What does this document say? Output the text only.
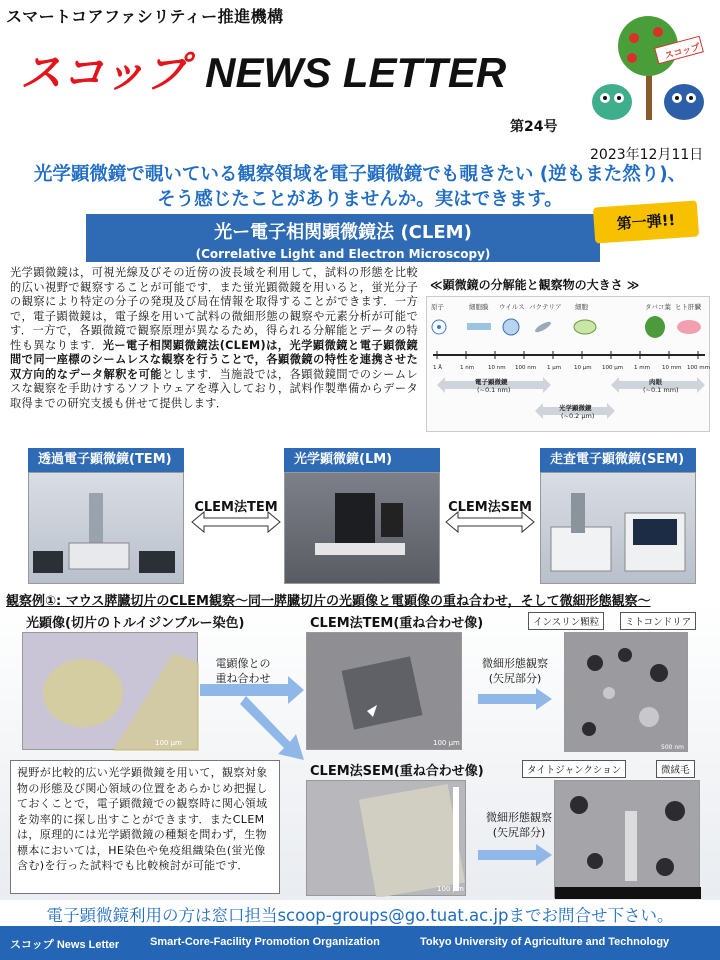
スマートコアファシリティー推進機構
スコップ NEWS LETTER
第24号
2023年12月11日
スコップ
光学顕微鏡で覗いている観察領域を電子顕微鏡でも覗きたい (逆もまた然り)、
そう感じたことがありませんか。実はできます。
光ー電子相関顕微鏡法 (CLEM)
(Correlative Light and Electron Microscopy)
第一弾!!
光学顕微鏡は，可視光線及びその近傍の波長域を利用して，試料の形態を比較的広い視野で観察することが可能です．また蛍光顕微鏡を用いると，蛍光分子の観察により特定の分子の発現及び局在情報を取得することができます．一方で，電子顕微鏡は，電子線を用いて試料の微細形態の観察や元素分析が可能です．一方で，各顕微鏡で観察原理が異なるため，得られる分解能とデータの特性も異なります．光ー電子相関顕微鏡法(CLEM)は，光学顕微鏡と電子顕微鏡間で同一座標のシームレスな観察を行うことで，各顕微鏡の特性を連携させた双方向的なデータ解釈を可能とします．当施設では，各顕微鏡間でのシームレスな観察を手助けするソフトウェアを導入しており，試料作製準備からデータ取得までの研究支援も併せて提供します．
≪顕微鏡の分解能と観察物の大きさ ≫
原子	細胞膜 ウイルス バクテリア 細胞	タバコ葉 ヒト肝臓
1 Å	1 nm	10 nm 100 nm 1 μm 10 μm 100 μm 1 mm 10 mm 100 mm
電子顕微鏡
(~0.1 nm)
肉眼
(~0.1 mm)
光学顕微鏡
(~0.2 μm)
透過電子顕微鏡(TEM)	光学顕微鏡(LM)	走査電子顕微鏡(SEM)
CLEM法TEM	CLEM法SEM
観察例①: マウス膵臓切片のCLEM観察〜同一膵臓切片の光顕像と電顕像の重ね合わせ，そして微細形態観察〜
光顕像(切片のトルイジンブルー染色)
100 μm
電顕像との
重ね合わせ
CLEM法TEM(重ね合わせ像)
100 μm
微細形態観察
(矢尻部分)
500 nm
インスリン顆粒	ミトコンドリア
CLEM法SEM(重ね合わせ像)
100 μm
微細形態観察
(矢尻部分)
タイトジャンクション	微絨毛
視野が比較的広い光学顕微鏡を用いて，観察対象物の形態及び関心領域の位置をあらかじめ把握しておくことで，電子顕微鏡での観察時に関心領域を効率的に探し出すことができます．またCLEMは，原理的には光学顕微鏡の種類を問わず，生物標本においては，HE染色や免疫組織染色(蛍光像含む)を行った試料でも比較検討が可能です．
電子顕微鏡利用の方は窓口担当scoop-groups@go.tuat.ac.jpまでお問合せ下さい。
スコップ News Letter	Smart-Core-Facility Promotion Organization	Tokyo University of Agriculture and Technology
